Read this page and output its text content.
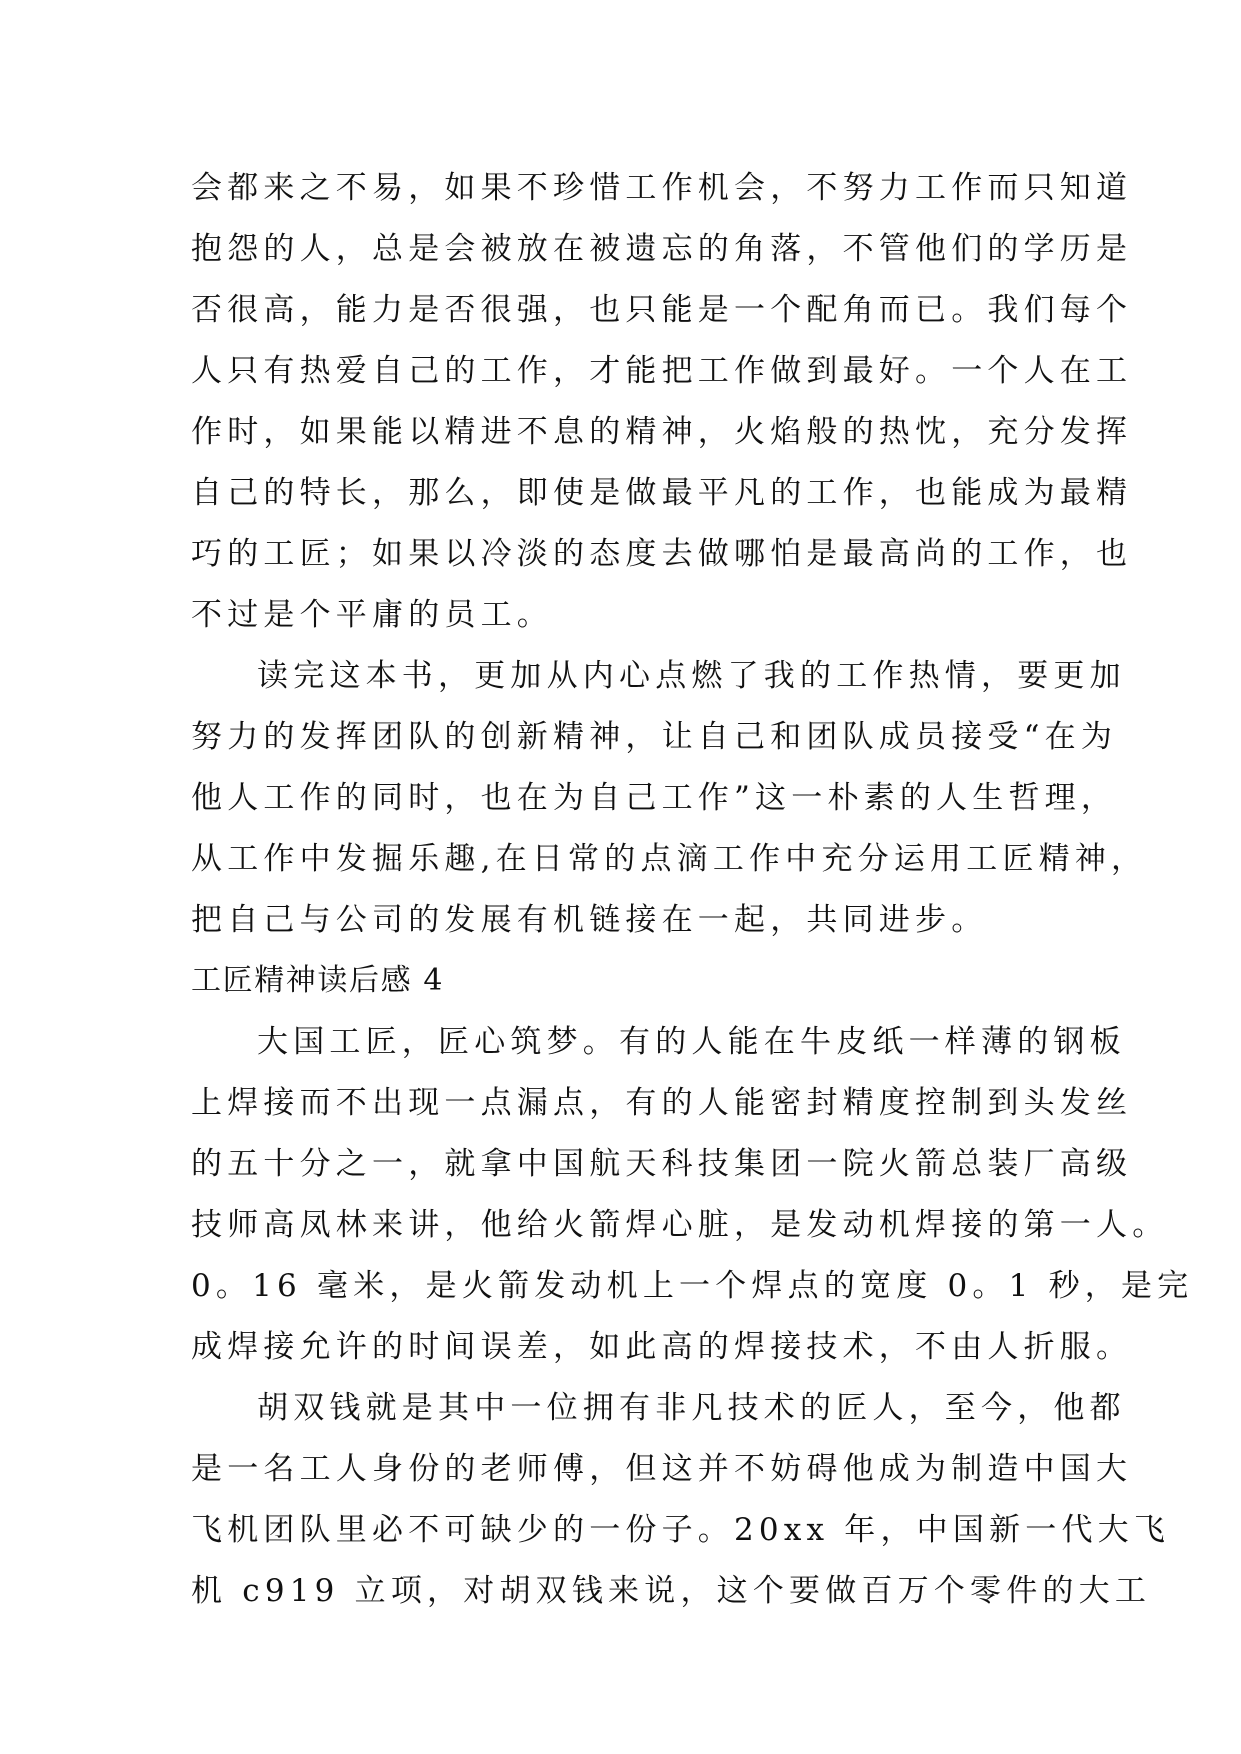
会都来之不易，如果不珍惜工作机会，不努力工作而只知道
抱怨的人，总是会被放在被遗忘的角落，不管他们的学历是
否很高，能力是否很强，也只能是一个配角而已。我们每个
人只有热爱自己的工作，才能把工作做到最好。一个人在工
作时，如果能以精进不息的精神，火焰般的热忱，充分发挥
自己的特长，那么，即使是做最平凡的工作，也能成为最精
巧的工匠；如果以冷淡的态度去做哪怕是最高尚的工作，也
不过是个平庸的员工。
读完这本书，更加从内心点燃了我的工作热情，要更加
努力的发挥团队的创新精神，让自己和团队成员接受“在为
他人工作的同时，也在为自己工作”这一朴素的人生哲理，
从工作中发掘乐趣,在日常的点滴工作中充分运用工匠精神，
把自己与公司的发展有机链接在一起，共同进步。
工匠精神读后感 4
大国工匠，匠心筑梦。有的人能在牛皮纸一样薄的钢板
上焊接而不出现一点漏点，有的人能密封精度控制到头发丝
的五十分之一，就拿中国航天科技集团一院火箭总装厂高级
技师高凤林来讲，他给火箭焊心脏，是发动机焊接的第一人。
0。16 毫米，是火箭发动机上一个焊点的宽度 0。1 秒，是完
成焊接允许的时间误差，如此高的焊接技术，不由人折服。
胡双钱就是其中一位拥有非凡技术的匠人，至今，他都
是一名工人身份的老师傅，但这并不妨碍他成为制造中国大
飞机团队里必不可缺少的一份子。20xx 年，中国新一代大飞
机 c919 立项，对胡双钱来说，这个要做百万个零件的大工
